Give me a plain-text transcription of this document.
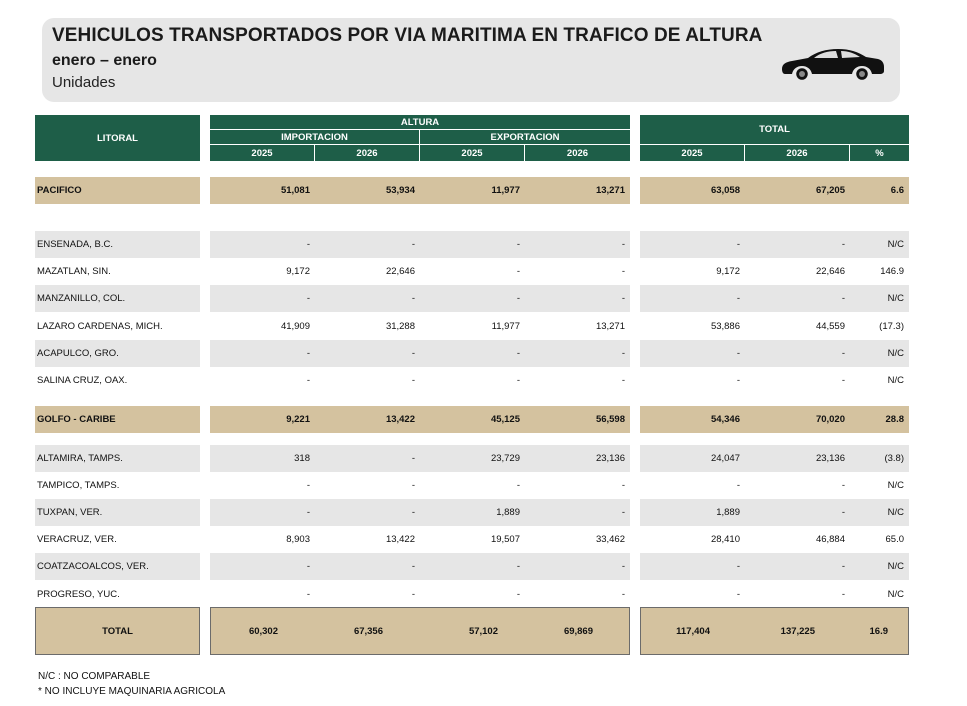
VEHICULOS TRANSPORTADOS POR VIA MARITIMA EN TRAFICO DE ALTURA
enero – enero
Unidades
LITORAL
ALTURA
IMPORTACION	EXPORTACION
2025	2026	2025	2026
TOTAL
2025	2026	%
PACIFICO	51,081	53,934	11,977	13,271	63,058	67,205	6.6
ENSENADA, B.C.	-	-	-	-	-	-	N/C
MAZATLAN, SIN.	9,172	22,646	-	-	9,172	22,646	146.9
MANZANILLO, COL.	-	-	-	-	-	-	N/C
LAZARO CARDENAS, MICH.	41,909	31,288	11,977	13,271	53,886	44,559	(17.3)
ACAPULCO, GRO.	-	-	-	-	-	-	N/C
SALINA CRUZ, OAX.	-	-	-	-	-	-	N/C
GOLFO - CARIBE	9,221	13,422	45,125	56,598	54,346	70,020	28.8
ALTAMIRA, TAMPS.	318	-	23,729	23,136	24,047	23,136	(3.8)
TAMPICO, TAMPS.	-	-	-	-	-	-	N/C
TUXPAN, VER.	-	-	1,889	-	1,889	-	N/C
VERACRUZ, VER.	8,903	13,422	19,507	33,462	28,410	46,884	65.0
COATZACOALCOS, VER.	-	-	-	-	-	-	N/C
PROGRESO, YUC.	-	-	-	-	-	-	N/C
TOTAL	60,302	67,356	57,102	69,869	117,404	137,225	16.9
N/C : NO COMPARABLE
* NO INCLUYE MAQUINARIA AGRICOLA
